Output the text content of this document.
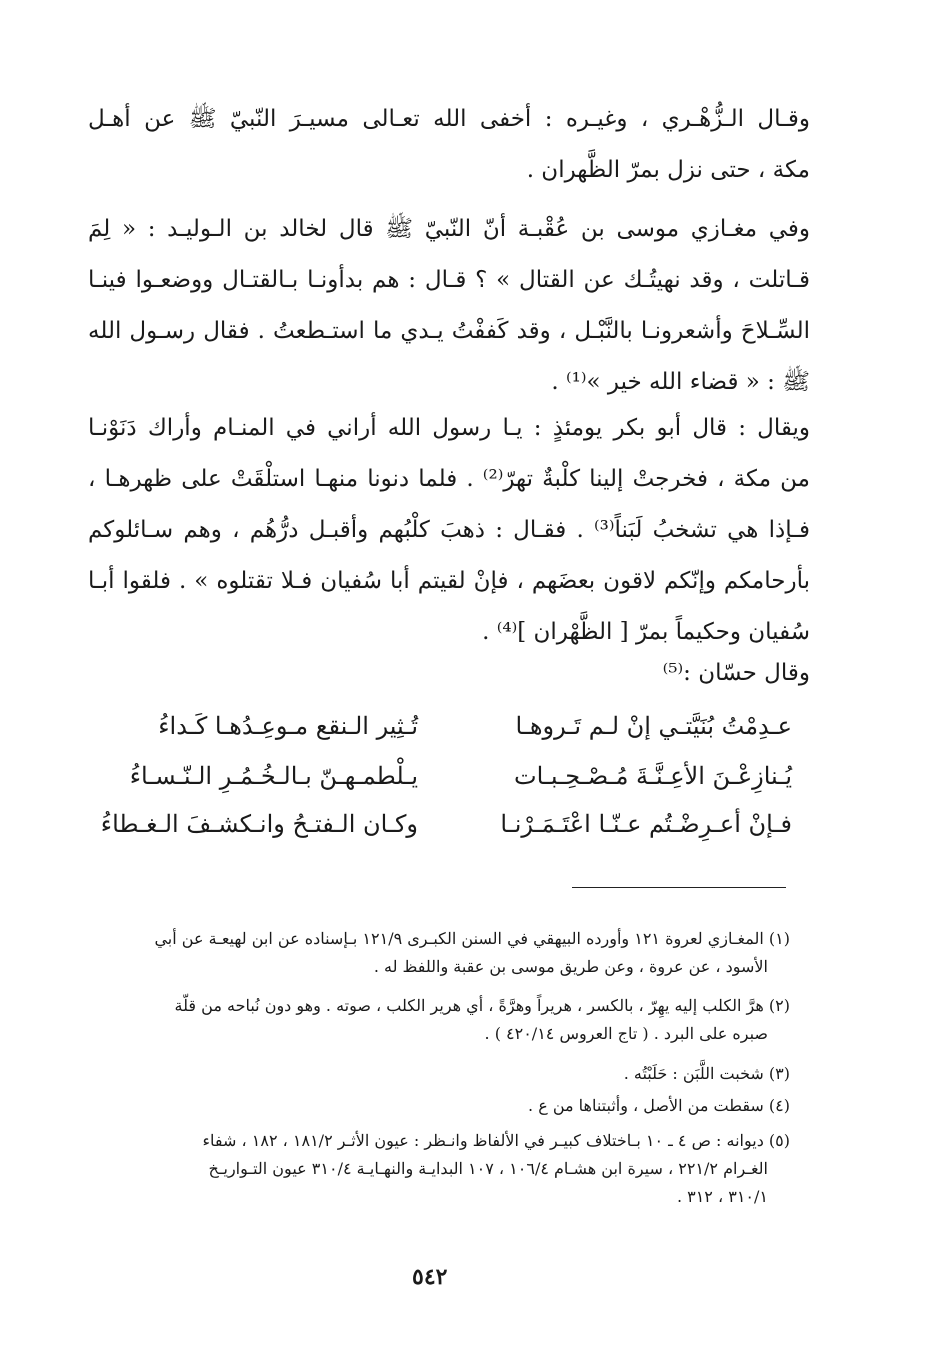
وقـال الـزُّهْـري ، وغيـره : أخفى الله تعـالى مسيـرَ النّبيّ ﷺ عن أهـل
مكة ، حتى نزل بمرّ الظَّهران .
وفي مغـازي موسى بن عُقْبـة أنّ النّبيّ ﷺ قال لخالد بن الـوليـد : « لِمَ
قـاتلت ، وقد نهيتُـك عن القتال » ؟ قـال : هم بدأونـا بـالقتـال ووضعـوا فينـا
السِّـلاحَ وأشعرونـا بالنَّبْـل ، وقد كَففْتُ يـدي ما استـطعتُ . فقال رسـول الله
ﷺ : « قضاء الله خير »⁽¹⁾ .
ويقال : قال أبو بكر يومئذٍ : يـا رسول الله أراني في المنـام وأراك دَنَوْنـا
من مكة ، فخرجتْ إلينا كلْبةٌ تهرّ⁽²⁾ . فلما دنونا منهـا استلْقَتْ على ظهرهـا ،
فـإذا هي تشخبُ لَبَناً⁽³⁾ . فقـال : ذهبَ كلْبُهم وأقبـل درُّهُم ، وهم سـائلوكم
بأرحامكم وإنّكم لاقون بعضَهم ، فإنْ لقيتم أبا سُفيان فـلا تقتلوه » . فلقوا أبـا
سُفيان وحكيماً بمرّ [ الظَّهْران ]⁽⁴⁾ .
وقال حسّان :⁽⁵⁾
عـدِمْتُ بُنَيَّتـي إنْ لـم تَـروهـا
تُـثِير الـنقع مـوعِـدُهـا كَـداءُ
يُـنازِعْـنَ الأعِـنَّـةَ مُـصْـحِـبـات
يـلْطمـهـنّ بـالـخُـمُـرِ الـنّـسـاءُ
فـإنْ أعـرِضْـتُم عـنّـا اعْتَـمَـرْنـا
وكـان الـفتـحُ وانـكشـفَ الـغـطاءُ
(١) المغـازي لعروة ١٢١ وأورده البيهقي في السنن الكبـرى ١٢١/٩ بـإسناده عن ابن لهيعـة عن أبي
الأسود ، عن عروة ، وعن طريق موسى بن عقبة واللفظ له .
(٢) هرَّ الكلب إليه يهِرّ ، بالكسر ، هريراً وهرَّةً ، أي هرير الكلب ، صوته . وهو دون نُباحه من قلّة
صبره على البرد . ( تاج العروس ٤٢٠/١٤ ) .
(٣) شخبت اللَّبَن : حَلَبْتُه .
(٤) سقطت من الأصل ، وأثبتناها من ع .
(٥) ديوانه : ص ٤ ـ ١٠ بـاختلاف كبيـر في الألفاظ وانـظر : عيون الأثـر ١٨١/٢ ، ١٨٢ ، شفاء
الغـرام ٢٢١/٢ ، سيرة ابن هشـام ١٠٦/٤ ، ١٠٧ البدايـة والنهـايـة ٣١٠/٤ عيون التـواريـخ
٣١٠/١ ، ٣١٢ .
٥٤٢
